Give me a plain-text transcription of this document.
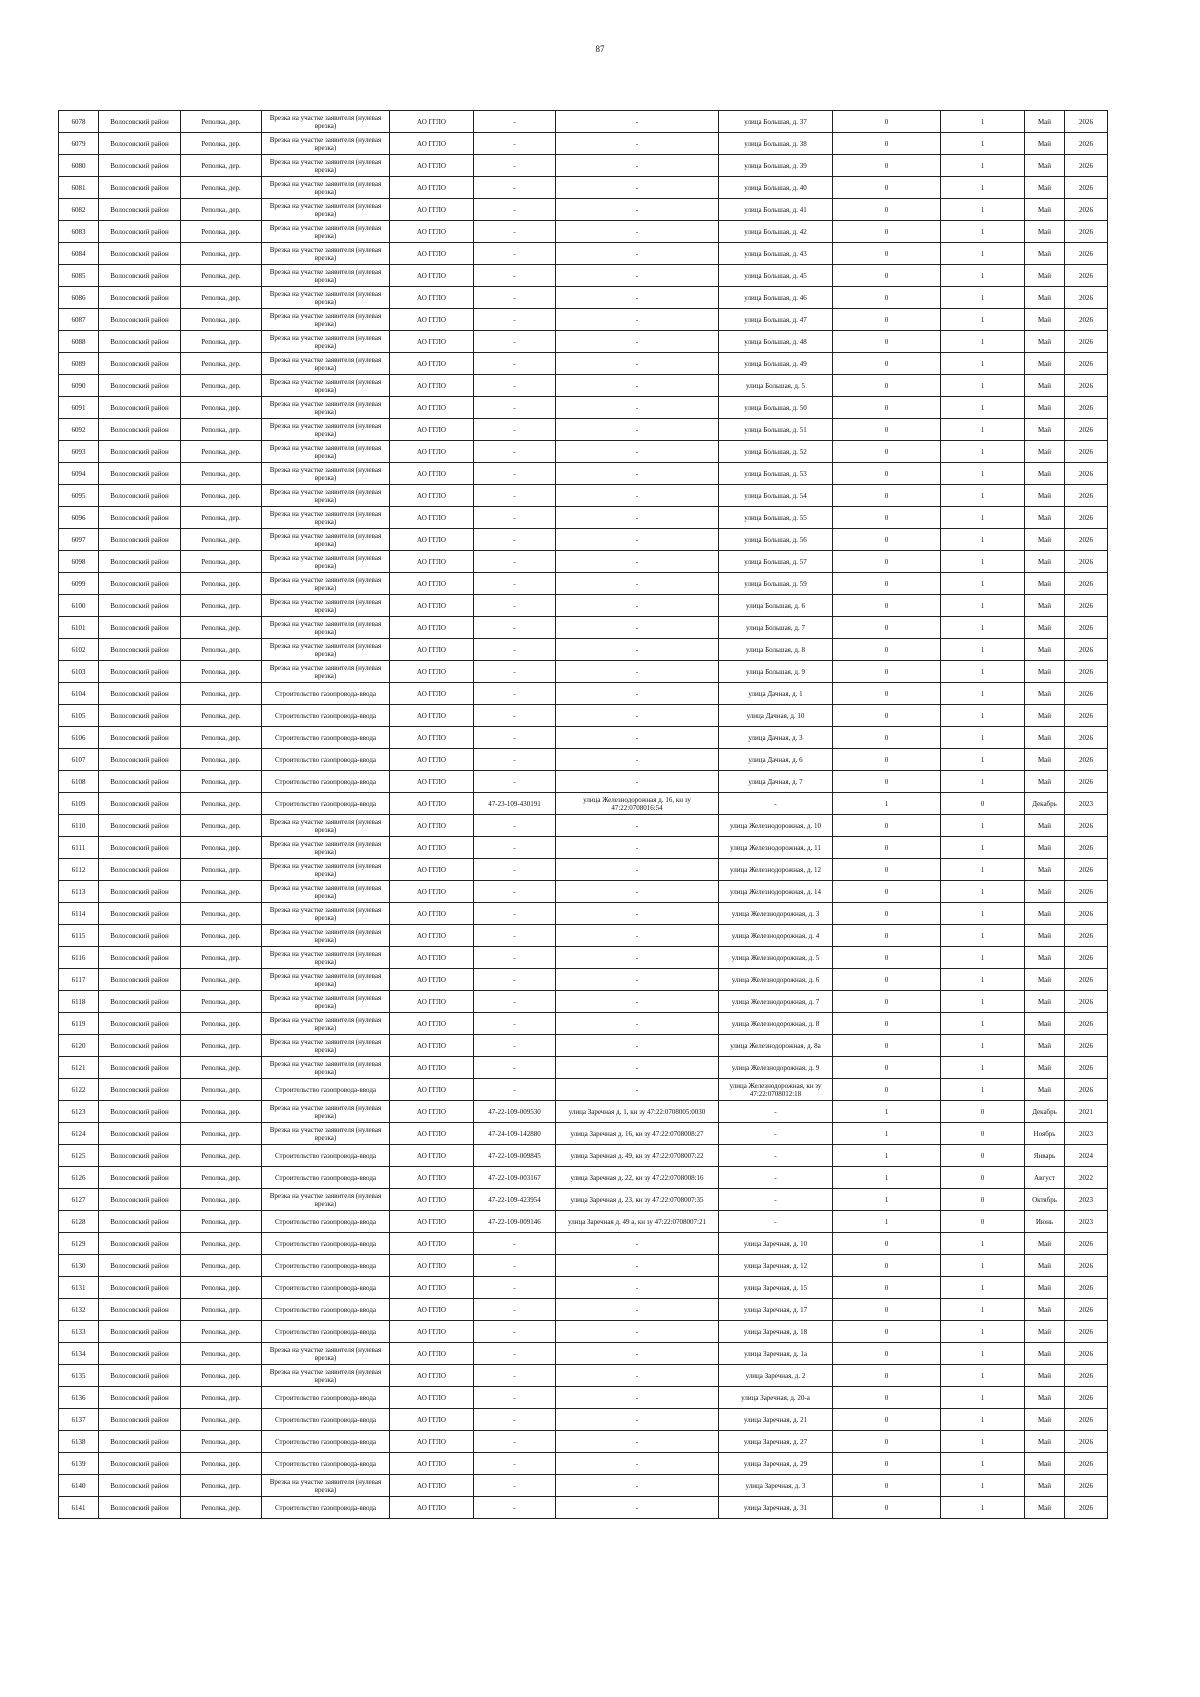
87
6078	Волосовский район	Реполка, дер.	Врезка на участке заявителя (нулевая врезка)	АО ГГЛО	-	-	улица Большая, д. 37	0	1	Май	2026
6079	Волосовский район	Реполка, дер.	Врезка на участке заявителя (нулевая врезка)	АО ГГЛО	-	-	улица Большая, д. 38	0	1	Май	2026
6080	Волосовский район	Реполка, дер.	Врезка на участке заявителя (нулевая врезка)	АО ГГЛО	-	-	улица Большая, д. 39	0	1	Май	2026
6081	Волосовский район	Реполка, дер.	Врезка на участке заявителя (нулевая врезка)	АО ГГЛО	-	-	улица Большая, д. 40	0	1	Май	2026
6082	Волосовский район	Реполка, дер.	Врезка на участке заявителя (нулевая врезка)	АО ГГЛО	-	-	улица Большая, д. 41	0	1	Май	2026
6083	Волосовский район	Реполка, дер.	Врезка на участке заявителя (нулевая врезка)	АО ГГЛО	-	-	улица Большая, д. 42	0	1	Май	2026
6084	Волосовский район	Реполка, дер.	Врезка на участке заявителя (нулевая врезка)	АО ГГЛО	-	-	улица Большая, д. 43	0	1	Май	2026
6085	Волосовский район	Реполка, дер.	Врезка на участке заявителя (нулевая врезка)	АО ГГЛО	-	-	улица Большая, д. 45	0	1	Май	2026
6086	Волосовский район	Реполка, дер.	Врезка на участке заявителя (нулевая врезка)	АО ГГЛО	-	-	улица Большая, д. 46	0	1	Май	2026
6087	Волосовский район	Реполка, дер.	Врезка на участке заявителя (нулевая врезка)	АО ГГЛО	-	-	улица Большая, д. 47	0	1	Май	2026
6088	Волосовский район	Реполка, дер.	Врезка на участке заявителя (нулевая врезка)	АО ГГЛО	-	-	улица Большая, д. 48	0	1	Май	2026
6089	Волосовский район	Реполка, дер.	Врезка на участке заявителя (нулевая врезка)	АО ГГЛО	-	-	улица Большая, д. 49	0	1	Май	2026
6090	Волосовский район	Реполка, дер.	Врезка на участке заявителя (нулевая врезка)	АО ГГЛО	-	-	улица Большая, д. 5	0	1	Май	2026
6091	Волосовский район	Реполка, дер.	Врезка на участке заявителя (нулевая врезка)	АО ГГЛО	-	-	улица Большая, д. 50	0	1	Май	2026
6092	Волосовский район	Реполка, дер.	Врезка на участке заявителя (нулевая врезка)	АО ГГЛО	-	-	улица Большая, д. 51	0	1	Май	2026
6093	Волосовский район	Реполка, дер.	Врезка на участке заявителя (нулевая врезка)	АО ГГЛО	-	-	улица Большая, д. 52	0	1	Май	2026
6094	Волосовский район	Реполка, дер.	Врезка на участке заявителя (нулевая врезка)	АО ГГЛО	-	-	улица Большая, д. 53	0	1	Май	2026
6095	Волосовский район	Реполка, дер.	Врезка на участке заявителя (нулевая врезка)	АО ГГЛО	-	-	улица Большая, д. 54	0	1	Май	2026
6096	Волосовский район	Реполка, дер.	Врезка на участке заявителя (нулевая врезка)	АО ГГЛО	-	-	улица Большая, д. 55	0	1	Май	2026
6097	Волосовский район	Реполка, дер.	Врезка на участке заявителя (нулевая врезка)	АО ГГЛО	-	-	улица Большая, д. 56	0	1	Май	2026
6098	Волосовский район	Реполка, дер.	Врезка на участке заявителя (нулевая врезка)	АО ГГЛО	-	-	улица Большая, д. 57	0	1	Май	2026
6099	Волосовский район	Реполка, дер.	Врезка на участке заявителя (нулевая врезка)	АО ГГЛО	-	-	улица Большая, д. 59	0	1	Май	2026
6100	Волосовский район	Реполка, дер.	Врезка на участке заявителя (нулевая врезка)	АО ГГЛО	-	-	улица Большая, д. 6	0	1	Май	2026
6101	Волосовский район	Реполка, дер.	Врезка на участке заявителя (нулевая врезка)	АО ГГЛО	-	-	улица Большая, д. 7	0	1	Май	2026
6102	Волосовский район	Реполка, дер.	Врезка на участке заявителя (нулевая врезка)	АО ГГЛО	-	-	улица Большая, д. 8	0	1	Май	2026
6103	Волосовский район	Реполка, дер.	Врезка на участке заявителя (нулевая врезка)	АО ГГЛО	-	-	улица Большая, д. 9	0	1	Май	2026
6104	Волосовский район	Реполка, дер.	Строительство газопровода-ввода	АО ГГЛО	-	-	улица Дачная, д. 1	0	1	Май	2026
6105	Волосовский район	Реполка, дер.	Строительство газопровода-ввода	АО ГГЛО	-	-	улица Дачная, д. 10	0	1	Май	2026
6106	Волосовский район	Реполка, дер.	Строительство газопровода-ввода	АО ГГЛО	-	-	улица Дачная, д. 3	0	1	Май	2026
6107	Волосовский район	Реполка, дер.	Строительство газопровода-ввода	АО ГГЛО	-	-	улица Дачная, д. 6	0	1	Май	2026
6108	Волосовский район	Реполка, дер.	Строительство газопровода-ввода	АО ГГЛО	-	-	улица Дачная, д. 7	0	1	Май	2026
6109	Волосовский район	Реполка, дер.	Строительство газопровода-ввода	АО ГГЛО	47-23-109-430191	улица Железнодорожная д. 16, кн зу 47:22:0708016:54	-	1	0	Декабрь	2023
6110	Волосовский район	Реполка, дер.	Врезка на участке заявителя (нулевая врезка)	АО ГГЛО	-	-	улица Железнодорожная, д. 10	0	1	Май	2026
6111	Волосовский район	Реполка, дер.	Врезка на участке заявителя (нулевая врезка)	АО ГГЛО	-	-	улица Железнодорожная, д. 11	0	1	Май	2026
6112	Волосовский район	Реполка, дер.	Врезка на участке заявителя (нулевая врезка)	АО ГГЛО	-	-	улица Железнодорожная, д. 12	0	1	Май	2026
6113	Волосовский район	Реполка, дер.	Врезка на участке заявителя (нулевая врезка)	АО ГГЛО	-	-	улица Железнодорожная, д. 14	0	1	Май	2026
6114	Волосовский район	Реполка, дер.	Врезка на участке заявителя (нулевая врезка)	АО ГГЛО	-	-	улица Железнодорожная, д. 3	0	1	Май	2026
6115	Волосовский район	Реполка, дер.	Врезка на участке заявителя (нулевая врезка)	АО ГГЛО	-	-	улица Железнодорожная, д. 4	0	1	Май	2026
6116	Волосовский район	Реполка, дер.	Врезка на участке заявителя (нулевая врезка)	АО ГГЛО	-	-	улица Железнодорожная, д. 5	0	1	Май	2026
6117	Волосовский район	Реполка, дер.	Врезка на участке заявителя (нулевая врезка)	АО ГГЛО	-	-	улица Железнодорожная, д. 6	0	1	Май	2026
6118	Волосовский район	Реполка, дер.	Врезка на участке заявителя (нулевая врезка)	АО ГГЛО	-	-	улица Железнодорожная, д. 7	0	1	Май	2026
6119	Волосовский район	Реполка, дер.	Врезка на участке заявителя (нулевая врезка)	АО ГГЛО	-	-	улица Железнодорожная, д. 8	0	1	Май	2026
6120	Волосовский район	Реполка, дер.	Врезка на участке заявителя (нулевая врезка)	АО ГГЛО	-	-	улица Железнодорожная, д. 8а	0	1	Май	2026
6121	Волосовский район	Реполка, дер.	Врезка на участке заявителя (нулевая врезка)	АО ГГЛО	-	-	улица Железнодорожная, д. 9	0	1	Май	2026
6122	Волосовский район	Реполка, дер.	Строительство газопровода-ввода	АО ГГЛО	-	-	улица Железнодорожная, кн зу 47:22:0708012:18	0	1	Май	2026
6123	Волосовский район	Реполка, дер.	Врезка на участке заявителя (нулевая врезка)	АО ГГЛО	47-22-109-009530	улица Заречная д. 1, кн зу 47:22:0708005:0030	-	1	0	Декабрь	2021
6124	Волосовский район	Реполка, дер.	Врезка на участке заявителя (нулевая врезка)	АО ГГЛО	47-24-109-142880	улица Заречная д. 16, кн зу 47:22:0708008:27	-	1	0	Ноябрь	2023
6125	Волосовский район	Реполка, дер.	Строительство газопровода-ввода	АО ГГЛО	47-22-109-009845	улица Заречная д. 49, кн зу 47:22:0708007:22	-	1	0	Январь	2024
6126	Волосовский район	Реполка, дер.	Строительство газопровода-ввода	АО ГГЛО	47-22-109-003167	улица Заречная д. 22, кн зу 47:22:0708008:16	-	1	0	Август	2022
6127	Волосовский район	Реполка, дер.	Врезка на участке заявителя (нулевая врезка)	АО ГГЛО	47-22-109-423954	улица Заречная д. 23, кн зу 47:22:0708007:35	-	1	0	Октябрь	2023
6128	Волосовский район	Реполка, дер.	Строительство газопровода-ввода	АО ГГЛО	47-22-109-009146	улица Заречная д. 49 а, кн зу 47:22:0708007:21	-	1	0	Июнь	2023
6129	Волосовский район	Реполка, дер.	Строительство газопровода-ввода	АО ГГЛО	-	-	улица Заречная, д. 10	0	1	Май	2026
6130	Волосовский район	Реполка, дер.	Строительство газопровода-ввода	АО ГГЛО	-	-	улица Заречная, д. 12	0	1	Май	2026
6131	Волосовский район	Реполка, дер.	Строительство газопровода-ввода	АО ГГЛО	-	-	улица Заречная, д. 15	0	1	Май	2026
6132	Волосовский район	Реполка, дер.	Строительство газопровода-ввода	АО ГГЛО	-	-	улица Заречная, д. 17	0	1	Май	2026
6133	Волосовский район	Реполка, дер.	Строительство газопровода-ввода	АО ГГЛО	-	-	улица Заречная, д. 18	0	1	Май	2026
6134	Волосовский район	Реполка, дер.	Врезка на участке заявителя (нулевая врезка)	АО ГГЛО	-	-	улица Заречная, д. 1а	0	1	Май	2026
6135	Волосовский район	Реполка, дер.	Врезка на участке заявителя (нулевая врезка)	АО ГГЛО	-	-	улица Заречная, д. 2	0	1	Май	2026
6136	Волосовский район	Реполка, дер.	Строительство газопровода-ввода	АО ГГЛО	-	-	улица Заречная, д. 20-а	0	1	Май	2026
6137	Волосовский район	Реполка, дер.	Строительство газопровода-ввода	АО ГГЛО	-	-	улица Заречная, д. 21	0	1	Май	2026
6138	Волосовский район	Реполка, дер.	Строительство газопровода-ввода	АО ГГЛО	-	-	улица Заречная, д. 27	0	1	Май	2026
6139	Волосовский район	Реполка, дер.	Строительство газопровода-ввода	АО ГГЛО	-	-	улица Заречная, д. 29	0	1	Май	2026
6140	Волосовский район	Реполка, дер.	Врезка на участке заявителя (нулевая врезка)	АО ГГЛО	-	-	улица Заречная, д. 3	0	1	Май	2026
6141	Волосовский район	Реполка, дер.	Строительство газопровода-ввода	АО ГГЛО	-	-	улица Заречная, д. 31	0	1	Май	2026
